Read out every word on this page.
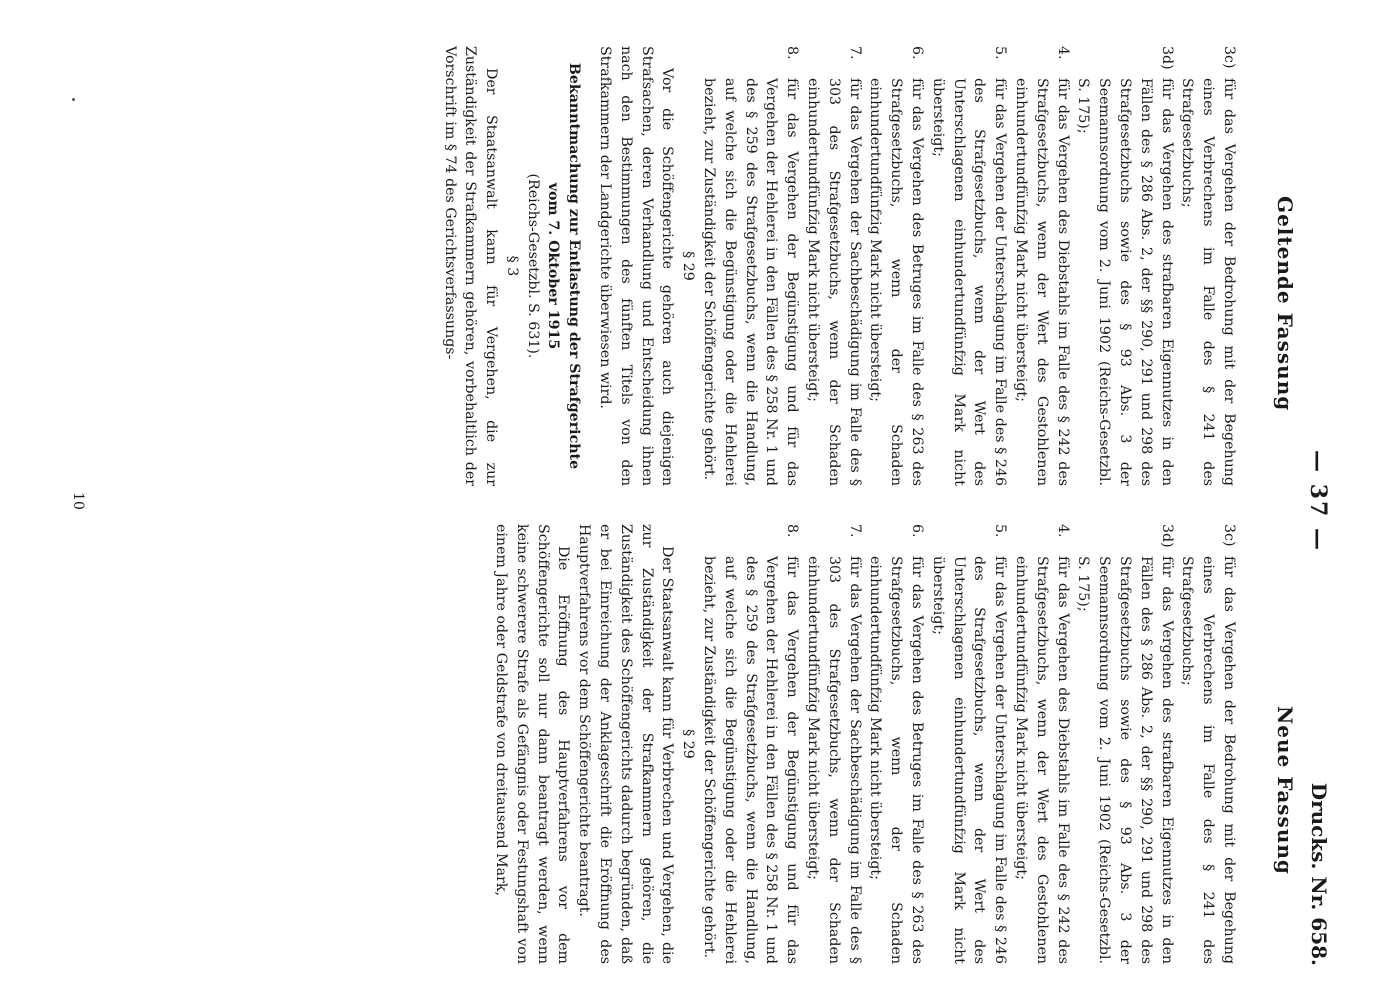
— 37 —
Drucks. Nr. 658.
Geltende Fassung
Neue Fassung
3c)
für das Vergehen der Bedrohung mit der Begehung eines Verbrechens im Falle des § 241 des Strafgesetzbuchs;
3d)
für das Vergehen des strafbaren Eigennutzes in den Fällen des § 286 Abs. 2, der §§ 290, 291 und 298 des Strafgesetzbuchs sowie des § 93 Abs. 3 der Seemannsordnung vom 2. Juni 1902 (Reichs-Gesetzbl. S. 175);
4.
für das Vergehen des Diebstahls im Falle des § 242 des Strafgesetzbuchs, wenn der Wert des Gestohlenen einhundertundfünfzig Mark nicht übersteigt;
5.
für das Vergehen der Unterschlagung im Falle des § 246 des Strafgesetzbuchs, wenn der Wert des Unterschlagenen einhundertundfünfzig Mark nicht übersteigt;
6.
für das Vergehen des Betruges im Falle des § 263 des Strafgesetzbuchs, wenn der Schaden einhundertundfünfzig Mark nicht übersteigt;
7.
für das Vergehen der Sachbeschädigung im Falle des § 303 des Strafgesetzbuchs, wenn der Schaden einhundertundfünfzig Mark nicht übersteigt;
8.
für das Vergehen der Begünstigung und für das Vergehen der Hehlerei in den Fällen des § 258 Nr. 1 und des § 259 des Strafgesetzbuchs, wenn die Handlung, auf welche sich die Begünstigung oder die Hehlerei bezieht, zur Zuständigkeit der Schöffengerichte gehört.

§ 29

Vor die Schöffengerichte gehören auch diejenigen Strafsachen, deren Verhandlung und Entscheidung ihnen nach den Bestimmungen des fünften Titels von den Strafkammern der Landgerichte überwiesen wird.

Bekanntmachung zur Entlastung der Strafgerichte vom 7. Oktober 1915

(Reichs-Gesetzbl. S. 631).

§ 3

Der Staatsanwalt kann für Vergehen, die zur Zuständigkeit der Strafkammern gehören, vorbehaltlich der Vorschrift im § 74 des Gerichtsverfassungs-

3c)
für das Vergehen der Bedrohung mit der Begehung eines Verbrechens im Falle des § 241 des Strafgesetzbuchs;
3d)
für das Vergehen des strafbaren Eigennutzes in den Fällen des § 286 Abs. 2, der §§ 290, 291 und 298 des Strafgesetzbuchs sowie des § 93 Abs. 3 der Seemannsordnung vom 2. Juni 1902 (Reichs-Gesetzbl. S. 175);
4.
für das Vergehen des Diebstahls im Falle des § 242 des Strafgesetzbuchs, wenn der Wert des Gestohlenen einhundertundfünfzig Mark nicht übersteigt;
5.
für das Vergehen der Unterschlagung im Falle des § 246 des Strafgesetzbuchs, wenn der Wert des Unterschlagenen einhundertundfünfzig Mark nicht übersteigt;
6.
für das Vergehen des Betruges im Falle des § 263 des Strafgesetzbuchs, wenn der Schaden einhundertundfünfzig Mark nicht übersteigt;
7.
für das Vergehen der Sachbeschädigung im Falle des § 303 des Strafgesetzbuchs, wenn der Schaden einhundertundfünfzig Mark nicht übersteigt;
8.
für das Vergehen der Begünstigung und für das Vergehen der Hehlerei in den Fällen des § 258 Nr. 1 und des § 259 des Strafgesetzbuchs, wenn die Handlung, auf welche sich die Begünstigung oder die Hehlerei bezieht, zur Zuständigkeit der Schöffengerichte gehört.

§ 29

Der Staatsanwalt kann für Verbrechen und Vergehen, die zur Zuständigkeit der Strafkammern gehören, die Zuständigkeit des Schöffengerichts dadurch begründen, daß er bei Einreichung der Anklageschrift die Eröffnung des Hauptverfahrens vor dem Schöffengerichte beantragt.

Die Eröffnung des Hauptverfahrens vor dem Schöffengerichte soll nur dann beantragt werden, wenn keine schwerere Strafe als Gefängnis oder Festungshaft von einem Jahre oder Geldstrafe von dreitausend Mark,

10
